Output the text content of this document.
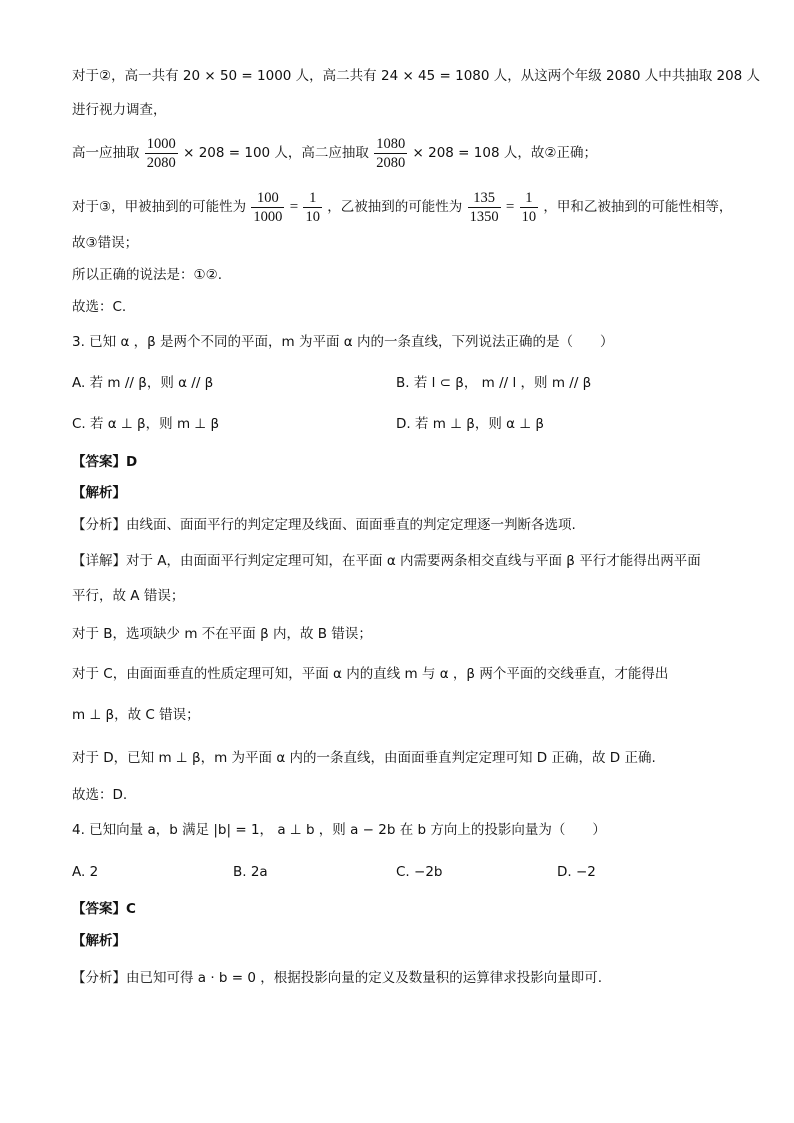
对于②，高一共有 20 × 50 = 1000 人，高二共有 24 × 45 = 1080 人，从这两个年级 2080 人中共抽取 208 人
进行视力调查，
高一应抽取 $\frac{1000}{2080} \times 208 = 100$ 人，高二应抽取 $\frac{1080}{2080} \times 208 = 108$ 人，故②正确；
对于③，甲被抽到的可能性为 $\frac{100}{1000} = \frac{1}{10}$ ，乙被抽到的可能性为 $\frac{135}{1350} = \frac{1}{10}$ ，甲和乙被抽到的可能性相等，
故③错误；
所以正确的说法是：①②.
故选：C.
3. 已知 α ，β 是两个不同的平面，m 为平面 α 内的一条直线，下列说法正确的是（　　）
A. 若 m // β，则 α // β	B. 若 l ⊂ β， m // l ，则 m // β
C. 若 α ⊥ β，则 m ⊥ β	D. 若 m ⊥ β，则 α ⊥ β
【答案】D
【解析】
【分析】由线面、面面平行的判定定理及线面、面面垂直的判定定理逐一判断各选项.
【详解】对于 A，由面面平行判定定理可知，在平面 α 内需要两条相交直线与平面 β 平行才能得出两平面
平行，故 A 错误；
对于 B，选项缺少 m 不在平面 β 内，故 B 错误；
对于 C，由面面垂直的性质定理可知，平面 α 内的直线 m 与 α ，β 两个平面的交线垂直，才能得出
m ⊥ β，故 C 错误；
对于 D，已知 m ⊥ β，m 为平面 α 内的一条直线，由面面垂直判定定理可知 D 正确，故 D 正确.
故选：D.
4. 已知向量 a，b 满足 |b| = 1， a ⊥ b ，则 a − 2b 在 b 方向上的投影向量为（　　）
A. 2	B. 2a	C. −2b	D. −2
【答案】C
【解析】
【分析】由已知可得 a · b = 0 ，根据投影向量的定义及数量积的运算律求投影向量即可.
